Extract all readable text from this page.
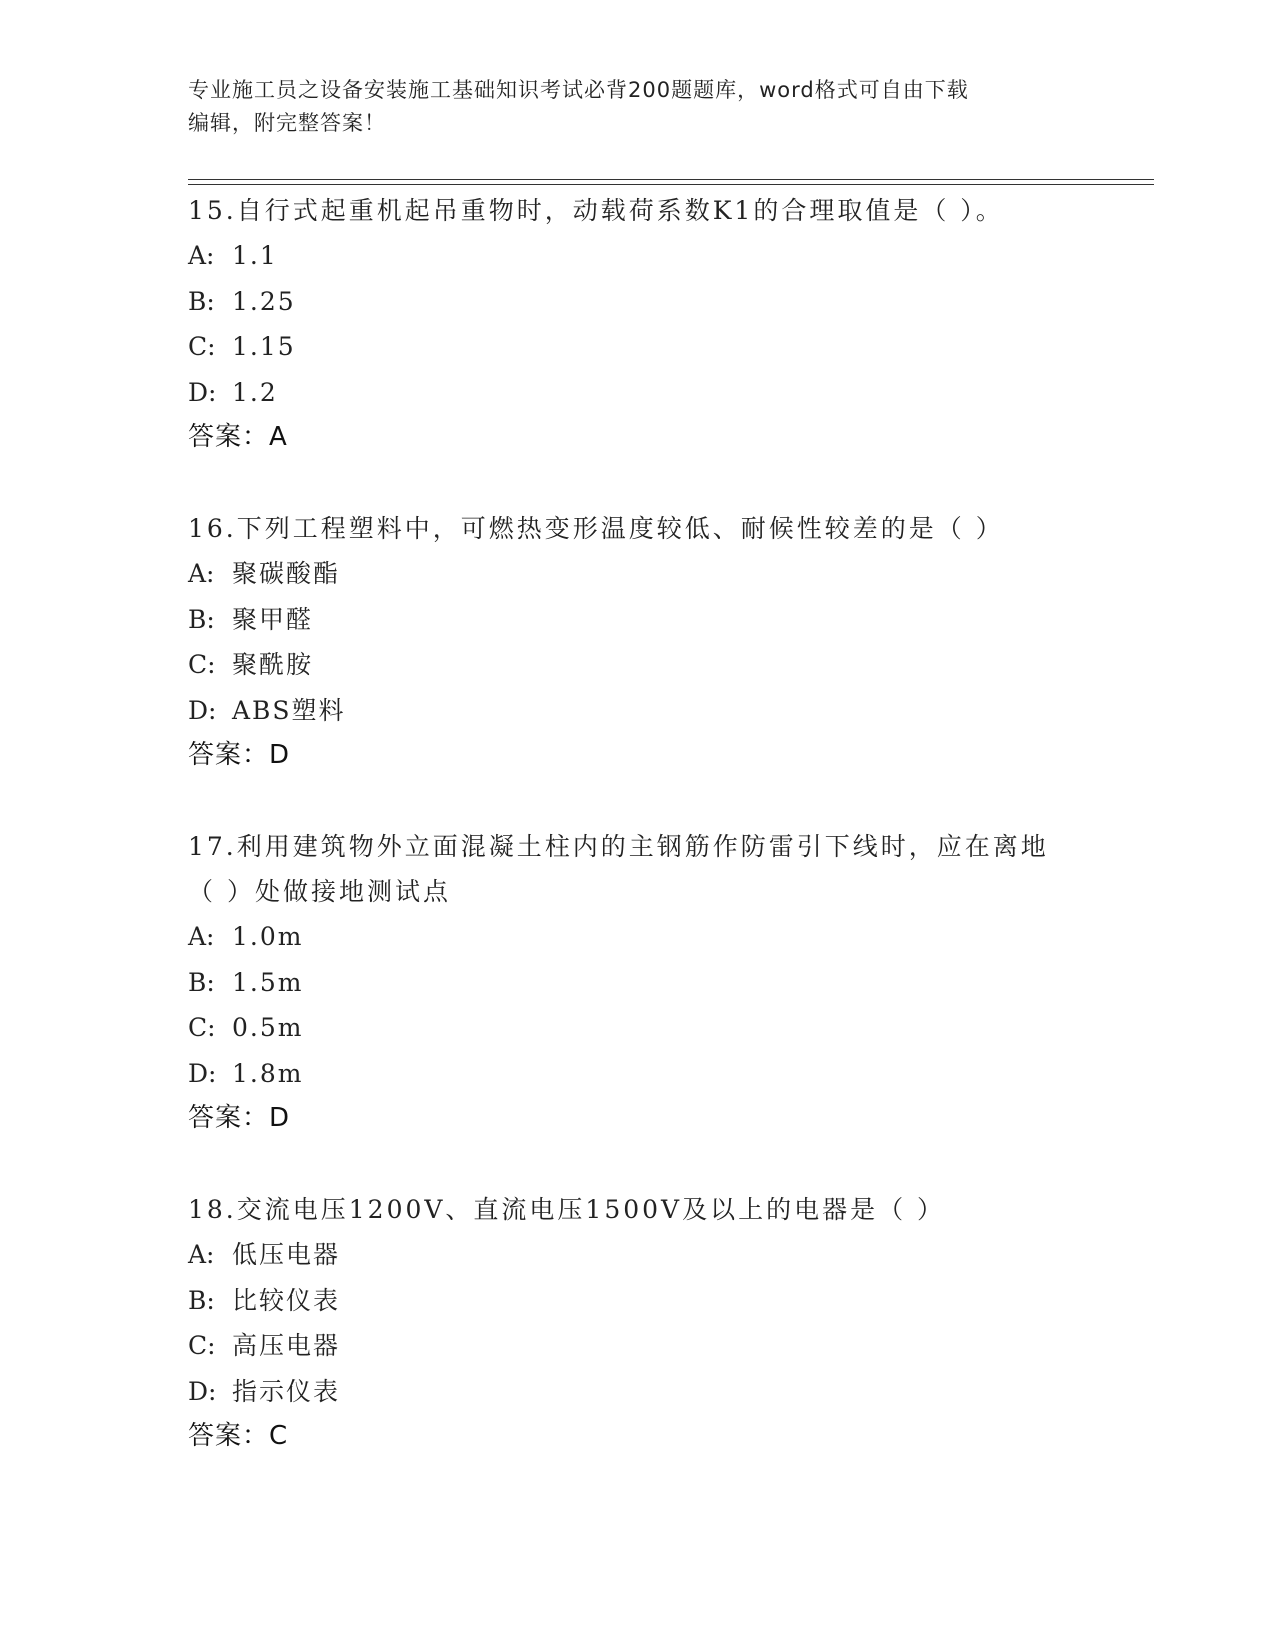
专业施工员之设备安装施工基础知识考试必背200题题库，word格式可自由下载
编辑，附完整答案！

15.自行式起重机起吊重物时，动载荷系数K1的合理取值是（ ）。

A: 1.1

B: 1.25

C: 1.15

D: 1.2

答案：A

16.下列工程塑料中，可燃热变形温度较低、耐候性较差的是（ ）

A: 聚碳酸酯

B: 聚甲醛

C: 聚酰胺

D: ABS塑料

答案：D

17.利用建筑物外立面混凝土柱内的主钢筋作防雷引下线时，应在离地

（ ）处做接地测试点

A: 1.0m

B: 1.5m

C: 0.5m

D: 1.8m

答案：D

18.交流电压1200V、直流电压1500V及以上的电器是（ ）

A: 低压电器

B: 比较仪表

C: 高压电器

D: 指示仪表

答案：C
